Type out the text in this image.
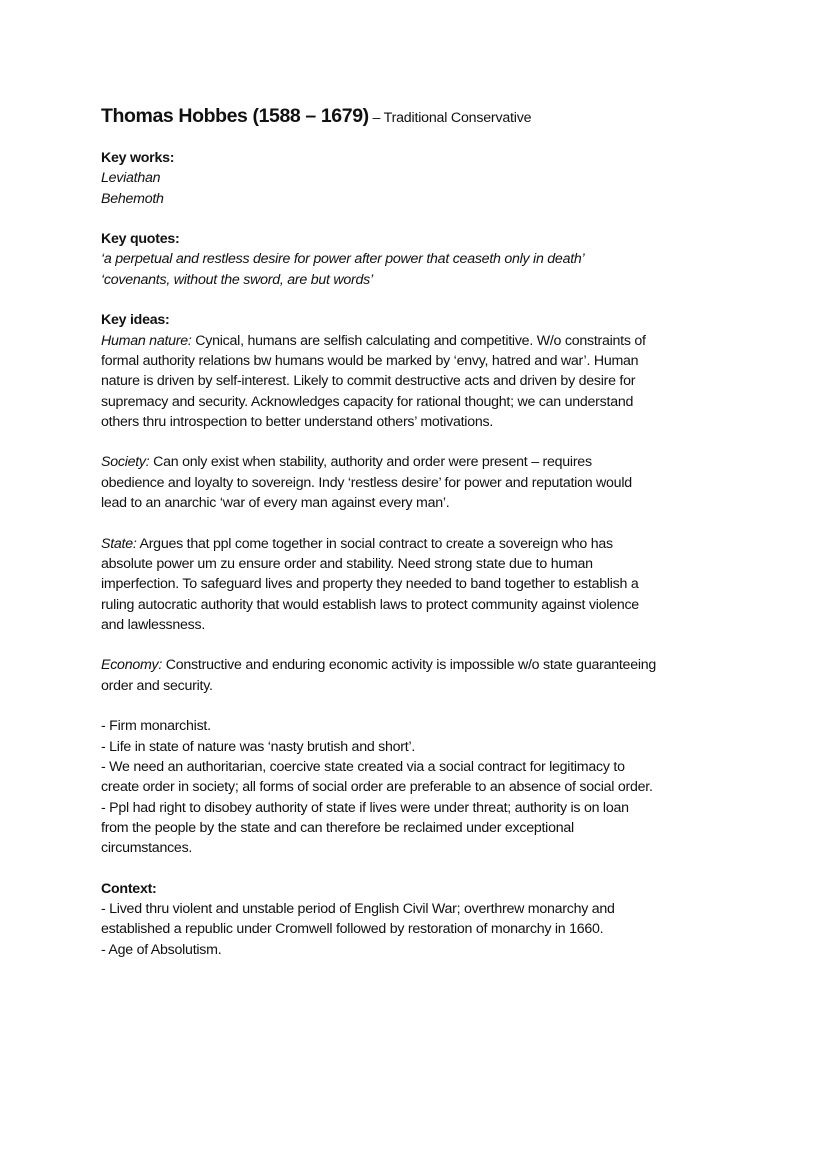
Thomas Hobbes (1588 – 1679) – Traditional Conservative
Key works:
Leviathan
Behemoth
Key quotes:
‘a perpetual and restless desire for power after power that ceaseth only in death’
‘covenants, without the sword, are but words’
Key ideas:
Human nature: Cynical, humans are selfish calculating and competitive. W/o constraints of
formal authority relations bw humans would be marked by ‘envy, hatred and war’. Human
nature is driven by self-interest. Likely to commit destructive acts and driven by desire for
supremacy and security. Acknowledges capacity for rational thought; we can understand
others thru introspection to better understand others’ motivations.
Society: Can only exist when stability, authority and order were present – requires
obedience and loyalty to sovereign. Indy ‘restless desire’ for power and reputation would
lead to an anarchic ‘war of every man against every man’.
State: Argues that ppl come together in social contract to create a sovereign who has
absolute power um zu ensure order and stability. Need strong state due to human
imperfection. To safeguard lives and property they needed to band together to establish a
ruling autocratic authority that would establish laws to protect community against violence
and lawlessness.
Economy: Constructive and enduring economic activity is impossible w/o state guaranteeing
order and security.
- Firm monarchist.
- Life in state of nature was ‘nasty brutish and short’.
- We need an authoritarian, coercive state created via a social contract for legitimacy to
create order in society; all forms of social order are preferable to an absence of social order.
- Ppl had right to disobey authority of state if lives were under threat; authority is on loan
from the people by the state and can therefore be reclaimed under exceptional
circumstances.
Context:
- Lived thru violent and unstable period of English Civil War; overthrew monarchy and
established a republic under Cromwell followed by restoration of monarchy in 1660.
- Age of Absolutism.
